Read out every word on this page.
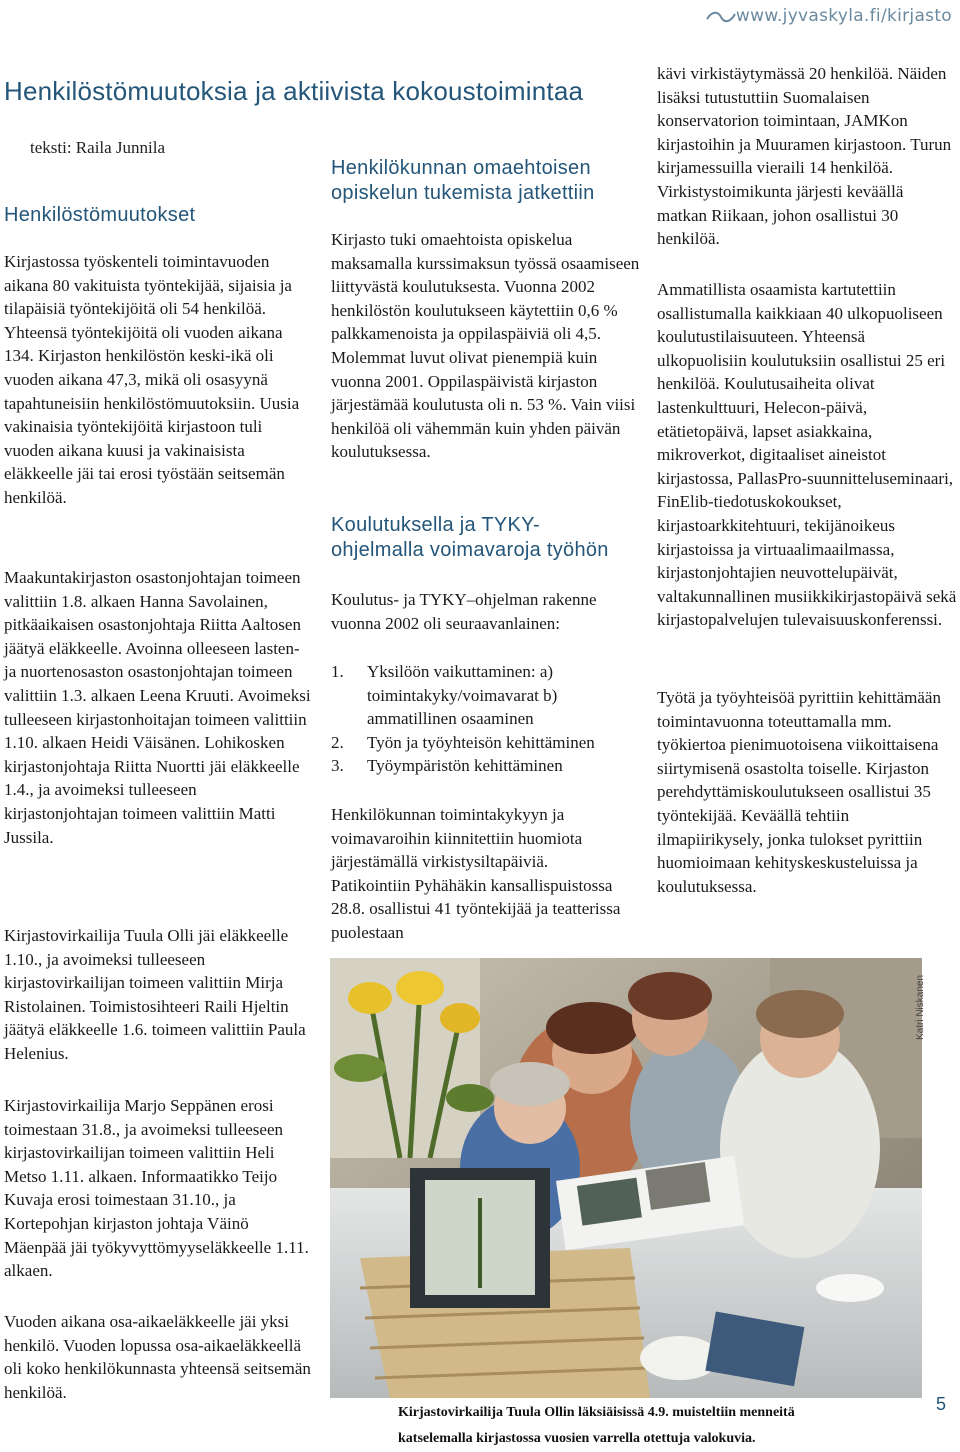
www.jyvaskyla.fi/kirjasto
Henkilöstömuutoksia ja aktiivista kokoustoimintaa
teksti: Raila Junnila
Henkilöstömuutokset
Kirjastossa työskenteli toimintavuoden aikana 80 vakituista työntekijää, sijaisia ja tilapäisiä työntekijöitä oli 54 henkilöä. Yhteensä työntekijöitä oli vuoden aikana 134. Kirjaston henkilöstön keski-ikä oli vuoden aikana 47,3, mikä oli osasyynä tapahtuneisiin henkilöstömuutoksiin. Uusia vakinaisia työntekijöitä kirjastoon tuli vuoden aikana kuusi ja vakinaisista eläkkeelle jäi tai erosi työstään seitsemän henkilöä.
Maakuntakirjaston osastonjohtajan toimeen valittiin 1.8. alkaen Hanna Savolainen, pitkäaikaisen osastonjohtaja Riitta Aaltosen jäätyä eläkkeelle. Avoinna olleeseen lasten- ja nuortenosaston osastonjohtajan toimeen valittiin 1.3. alkaen Leena Kruuti. Avoimeksi tulleeseen kirjastonhoitajan toimeen valittiin 1.10. alkaen Heidi Väisänen. Lohikosken kirjastonjohtaja Riitta Nuortti jäi eläkkeelle 1.4., ja avoimeksi tulleeseen kirjastonjohtajan toimeen valittiin Matti Jussila.
Kirjastovirkailija Tuula Olli jäi eläkkeelle 1.10., ja avoimeksi tulleeseen kirjastovirkailijan toimeen valittiin Mirja Ristolainen. Toimistosihteeri Raili Hjeltin jäätyä eläkkeelle 1.6. toimeen valittiin Paula Helenius.
Kirjastovirkailija Marjo Seppänen erosi toimestaan 31.8., ja avoimeksi tulleeseen kirjastovirkailijan toimeen valittiin Heli Metso 1.11. alkaen. Informaatikko Teijo Kuvaja erosi toimestaan 31.10., ja Kortepohjan kirjaston johtaja Väinö Mäenpää jäi työkyvyttömyyseläkkeelle 1.11. alkaen.
Vuoden aikana osa-aikaeläkkeelle jäi yksi henkilö. Vuoden lopussa osa-aikaeläkkeellä oli koko henkilökunnasta yhteensä seitsemän henkilöä.
Henkilökunnan omaehtoisen opiskelun tukemista jatkettiin
Kirjasto tuki omaehtoista opiskelua maksamalla kurssimaksun työssä osaamiseen liittyvästä koulutuksesta. Vuonna 2002 henkilöstön koulutukseen käytettiin 0,6 % palkkamenoista ja oppilaspäiviä oli 4,5. Molemmat luvut olivat pienempiä kuin vuonna 2001. Oppilaspäivistä kirjaston järjestämää koulutusta oli n. 53 %. Vain viisi henkilöä oli vähemmän kuin yhden päivän koulutuksessa.
Koulutuksella ja TYKY- ohjelmalla voimavaroja työhön
Koulutus- ja TYKY–ohjelman rakenne vuonna 2002 oli seuraavanlainen:
1.	Yksilöön vaikuttaminen: a) toimintakyky/voimavarat b) ammatillinen osaaminen
2.	Työn ja työyhteisön kehittäminen
3.	Työympäristön kehittäminen
Henkilökunnan toimintakykyyn ja voimavaroihin kiinnitettiin huomiota järjestämällä virkistysiltapäiviä. Patikointiin Pyhähäkin kansallispuistossa 28.8. osallistui 41 työntekijää ja teatterissa puolestaan
kävi virkistäytymässä 20 henkilöä. Näiden lisäksi tutustuttiin Suomalaisen konservatorion toimintaan, JAMKon kirjastoihin ja Muuramen kirjastoon. Turun kirjamessuilla vieraili 14 henkilöä. Virkistystoimikunta järjesti keväällä matkan Riikaan, johon osallistui 30 henkilöä.
Ammatillista osaamista kartutettiin osallistumalla kaikkiaan 40 ulkopuoliseen koulutustilaisuuteen. Yhteensä ulkopuolisiin koulutuksiin osallistui 25 eri henkilöä. Koulutusaiheita olivat lastenkulttuuri, Helecon-päivä, etätietopäivä, lapset asiakkaina, mikroverkot, digitaaliset aineistot kirjastossa, PallasPro-suunnitteluseminaari, FinElib-tiedotuskokoukset, kirjastoarkkitehtuuri, tekijänoikeus kirjastoissa ja virtuaalimaailmassa, kirjastonjohtajien neuvottelupäivät, valtakunnallinen musiikkikirjastopäivä sekä kirjastopalvelujen tulevaisuuskonferenssi.
Työtä ja työyhteisöä pyrittiin kehittämään toimintavuonna toteuttamalla mm. työkiertoa pienimuotoisena viikoittaisena siirtymisenä osastolta toiselle. Kirjaston perehdyttämiskoulutukseen osallistui 35 työntekijää. Keväällä tehtiin ilmapiirikysely, jonka tulokset pyrittiin huomioimaan kehityskeskusteluissa ja koulutuksessa.
Katri Niskanen
Kirjastovirkailija Tuula Ollin läksiäisissä 4.9. muisteltiin menneitä katselemalla kirjastossa vuosien varrella otettuja valokuvia.
5
